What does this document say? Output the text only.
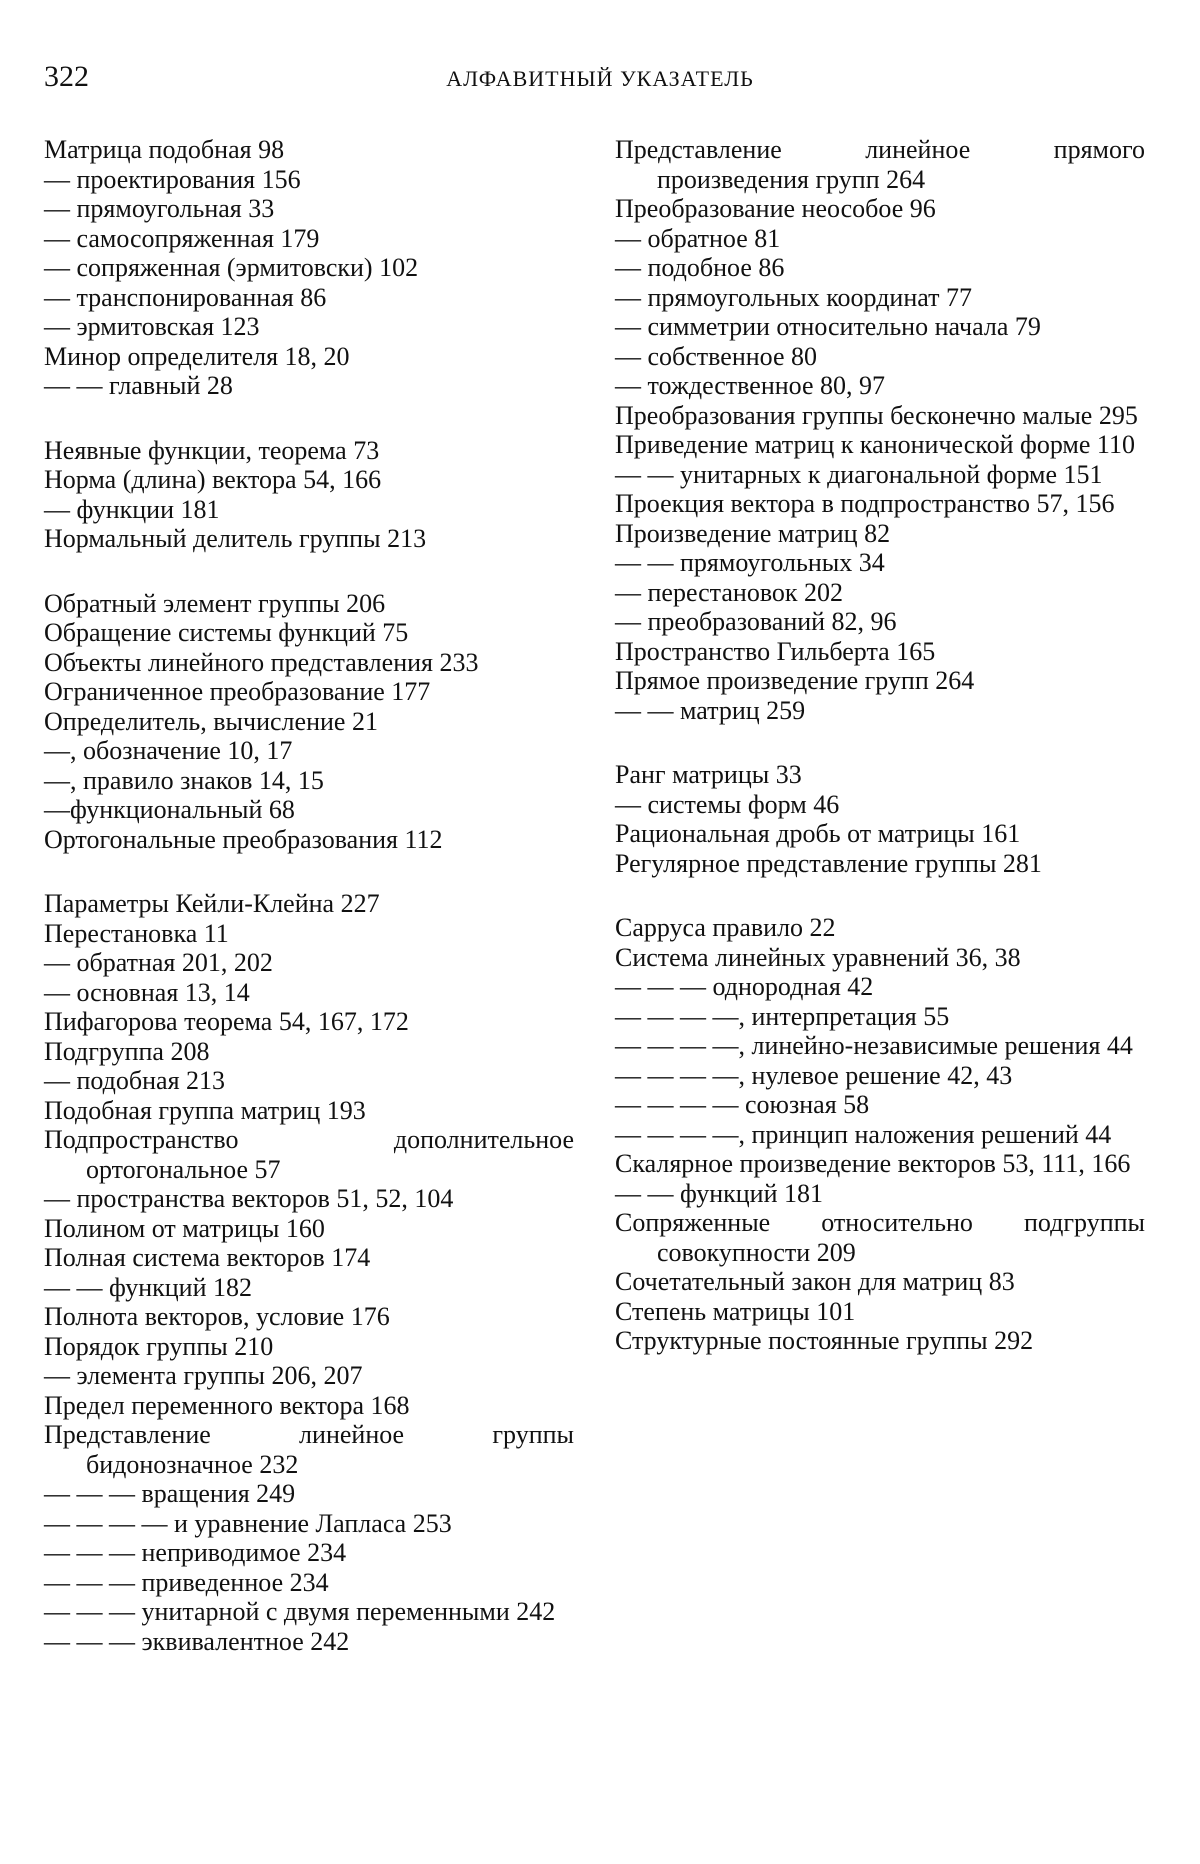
322	АЛФАВИТНЫЙ УКАЗАТЕЛЬ
Матрица подобная 98
— проектирования 156
— прямоугольная 33
— самосопряженная 179
— сопряженная (эрмитовски) 102
— транспонированная 86
— эрмитовская 123
Минор определителя 18, 20
— — главный 28
Неявные функции, теорема 73
Норма (длина) вектора 54, 166
— функции 181
Нормальный делитель группы 213
Обратный элемент группы 206
Обращение системы функций 75
Объекты линейного представления 233
Ограниченное преобразование 177
Определитель, вычисление 21
—, обозначение 10, 17
—, правило знаков 14, 15
—функциональный 68
Ортогональные преобразования 112
Параметры Кейли-Клейна 227
Перестановка 11
— обратная 201, 202
— основная 13, 14
Пифагорова теорема 54, 167, 172
Подгруппа 208
— подобная 213
Подобная группа матриц 193
Подпространство дополнительное ортогональное 57
— пространства векторов 51, 52, 104
Полином от матрицы 160
Полная система векторов 174
— — функций 182
Полнота векторов, условие 176
Порядок группы 210
— элемента группы 206, 207
Предел переменного вектора 168
Представление линейное группы бидонозначное 232
— — — вращения 249
— — — — и уравнение Лапласа 253
— — — неприводимое 234
— — — приведенное 234
— — — унитарной с двумя переменными 242
— — — эквивалентное 242
Представление линейное прямого произведения групп 264
Преобразование неособое 96
— обратное 81
— подобное 86
— прямоугольных координат 77
— симметрии относительно начала 79
— собственное 80
— тождественное 80, 97
Преобразования группы бесконечно малые 295
Приведение матриц к канонической форме 110
— — унитарных к диагональной форме 151
Проекция вектора в подпространство 57, 156
Произведение матриц 82
— — прямоугольных 34
— перестановок 202
— преобразований 82, 96
Пространство Гильберта 165
Прямое произведение групп 264
— — матриц 259
Ранг матрицы 33
— системы форм 46
Рациональная дробь от матрицы 161
Регулярное представление группы 281
Сарруса правило 22
Система линейных уравнений 36, 38
— — — однородная 42
— — — —, интерпретация 55
— — — —, линейно-независимые решения 44
— — — —, нулевое решение 42, 43
— — — — союзная 58
— — — —, принцип наложения решений 44
Скалярное произведение векторов 53, 111, 166
— — функций 181
Сопряженные относительно подгруппы совокупности 209
Сочетательный закон для матриц 83
Степень матрицы 101
Структурные постоянные группы 292
